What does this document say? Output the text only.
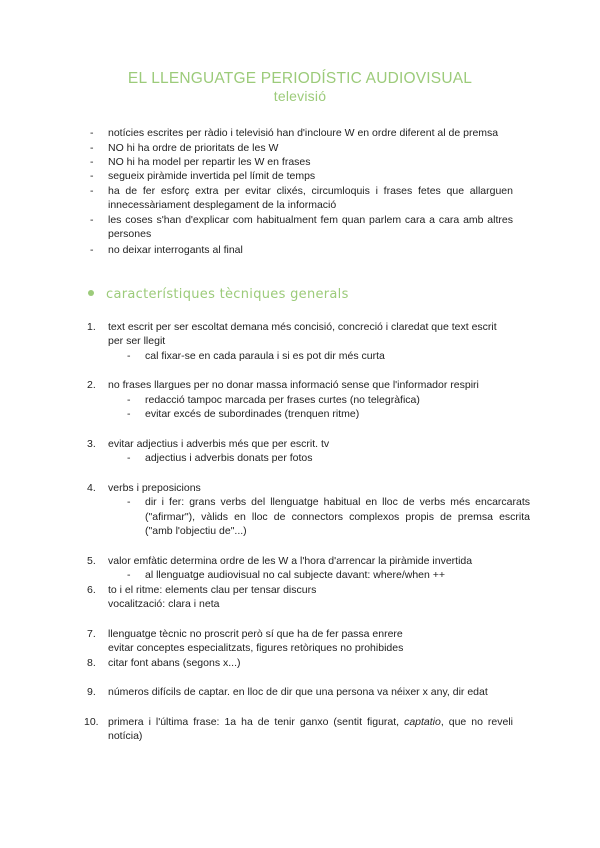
EL LLENGUATGE PERIODÍSTIC AUDIOVISUAL
televisió
- notícies escrites per ràdio i televisió han d'incloure W en ordre diferent al de premsa
- NO hi ha ordre de prioritats de les W
- NO hi ha model per repartir les W en frases
- segueix piràmide invertida pel límit de temps
- ha de fer esforç extra per evitar clixés, circumloquis i frases fetes que allarguen
innecessàriament desplegament de la informació
- les coses s'han d'explicar com habitualment fem quan parlem cara a cara amb altres
persones
- no deixar interrogants al final
característiques tècniques generals
1.	text escrit per ser escoltat demana més concisió, concreció i claredat que text escrit
per ser llegit
- cal fixar-se en cada paraula i si es pot dir més curta
2.	no frases llargues per no donar massa informació sense que l'informador respiri
- redacció tampoc marcada per frases curtes (no telegràfica)
- evitar excés de subordinades (trenquen ritme)
3.	evitar adjectius i adverbis més que per escrit. tv
- adjectius i adverbis donats per fotos
4.	verbs i preposicions
- dir i fer: grans verbs del llenguatge habitual en lloc de verbs més encarcarats
("afirmar"), vàlids en lloc de connectors complexos propis de premsa escrita
("amb l'objectiu de"...)
5.	valor emfàtic determina ordre de les W a l'hora d'arrencar la piràmide invertida
- al llenguatge audiovisual no cal subjecte davant: where/when ++
6.	to i el ritme: elements clau per tensar discurs
vocalització: clara i neta
7.	llenguatge tècnic no proscrit però sí que ha de fer passa enrere
evitar conceptes especialitzats, figures retòriques no prohibides
8.	citar font abans (segons x...)
9.	números difícils de captar. en lloc de dir que una persona va néixer x any, dir edat
10. primera i l'última frase: 1a ha de tenir ganxo (sentit figurat, captatio, que no reveli
notícia)
